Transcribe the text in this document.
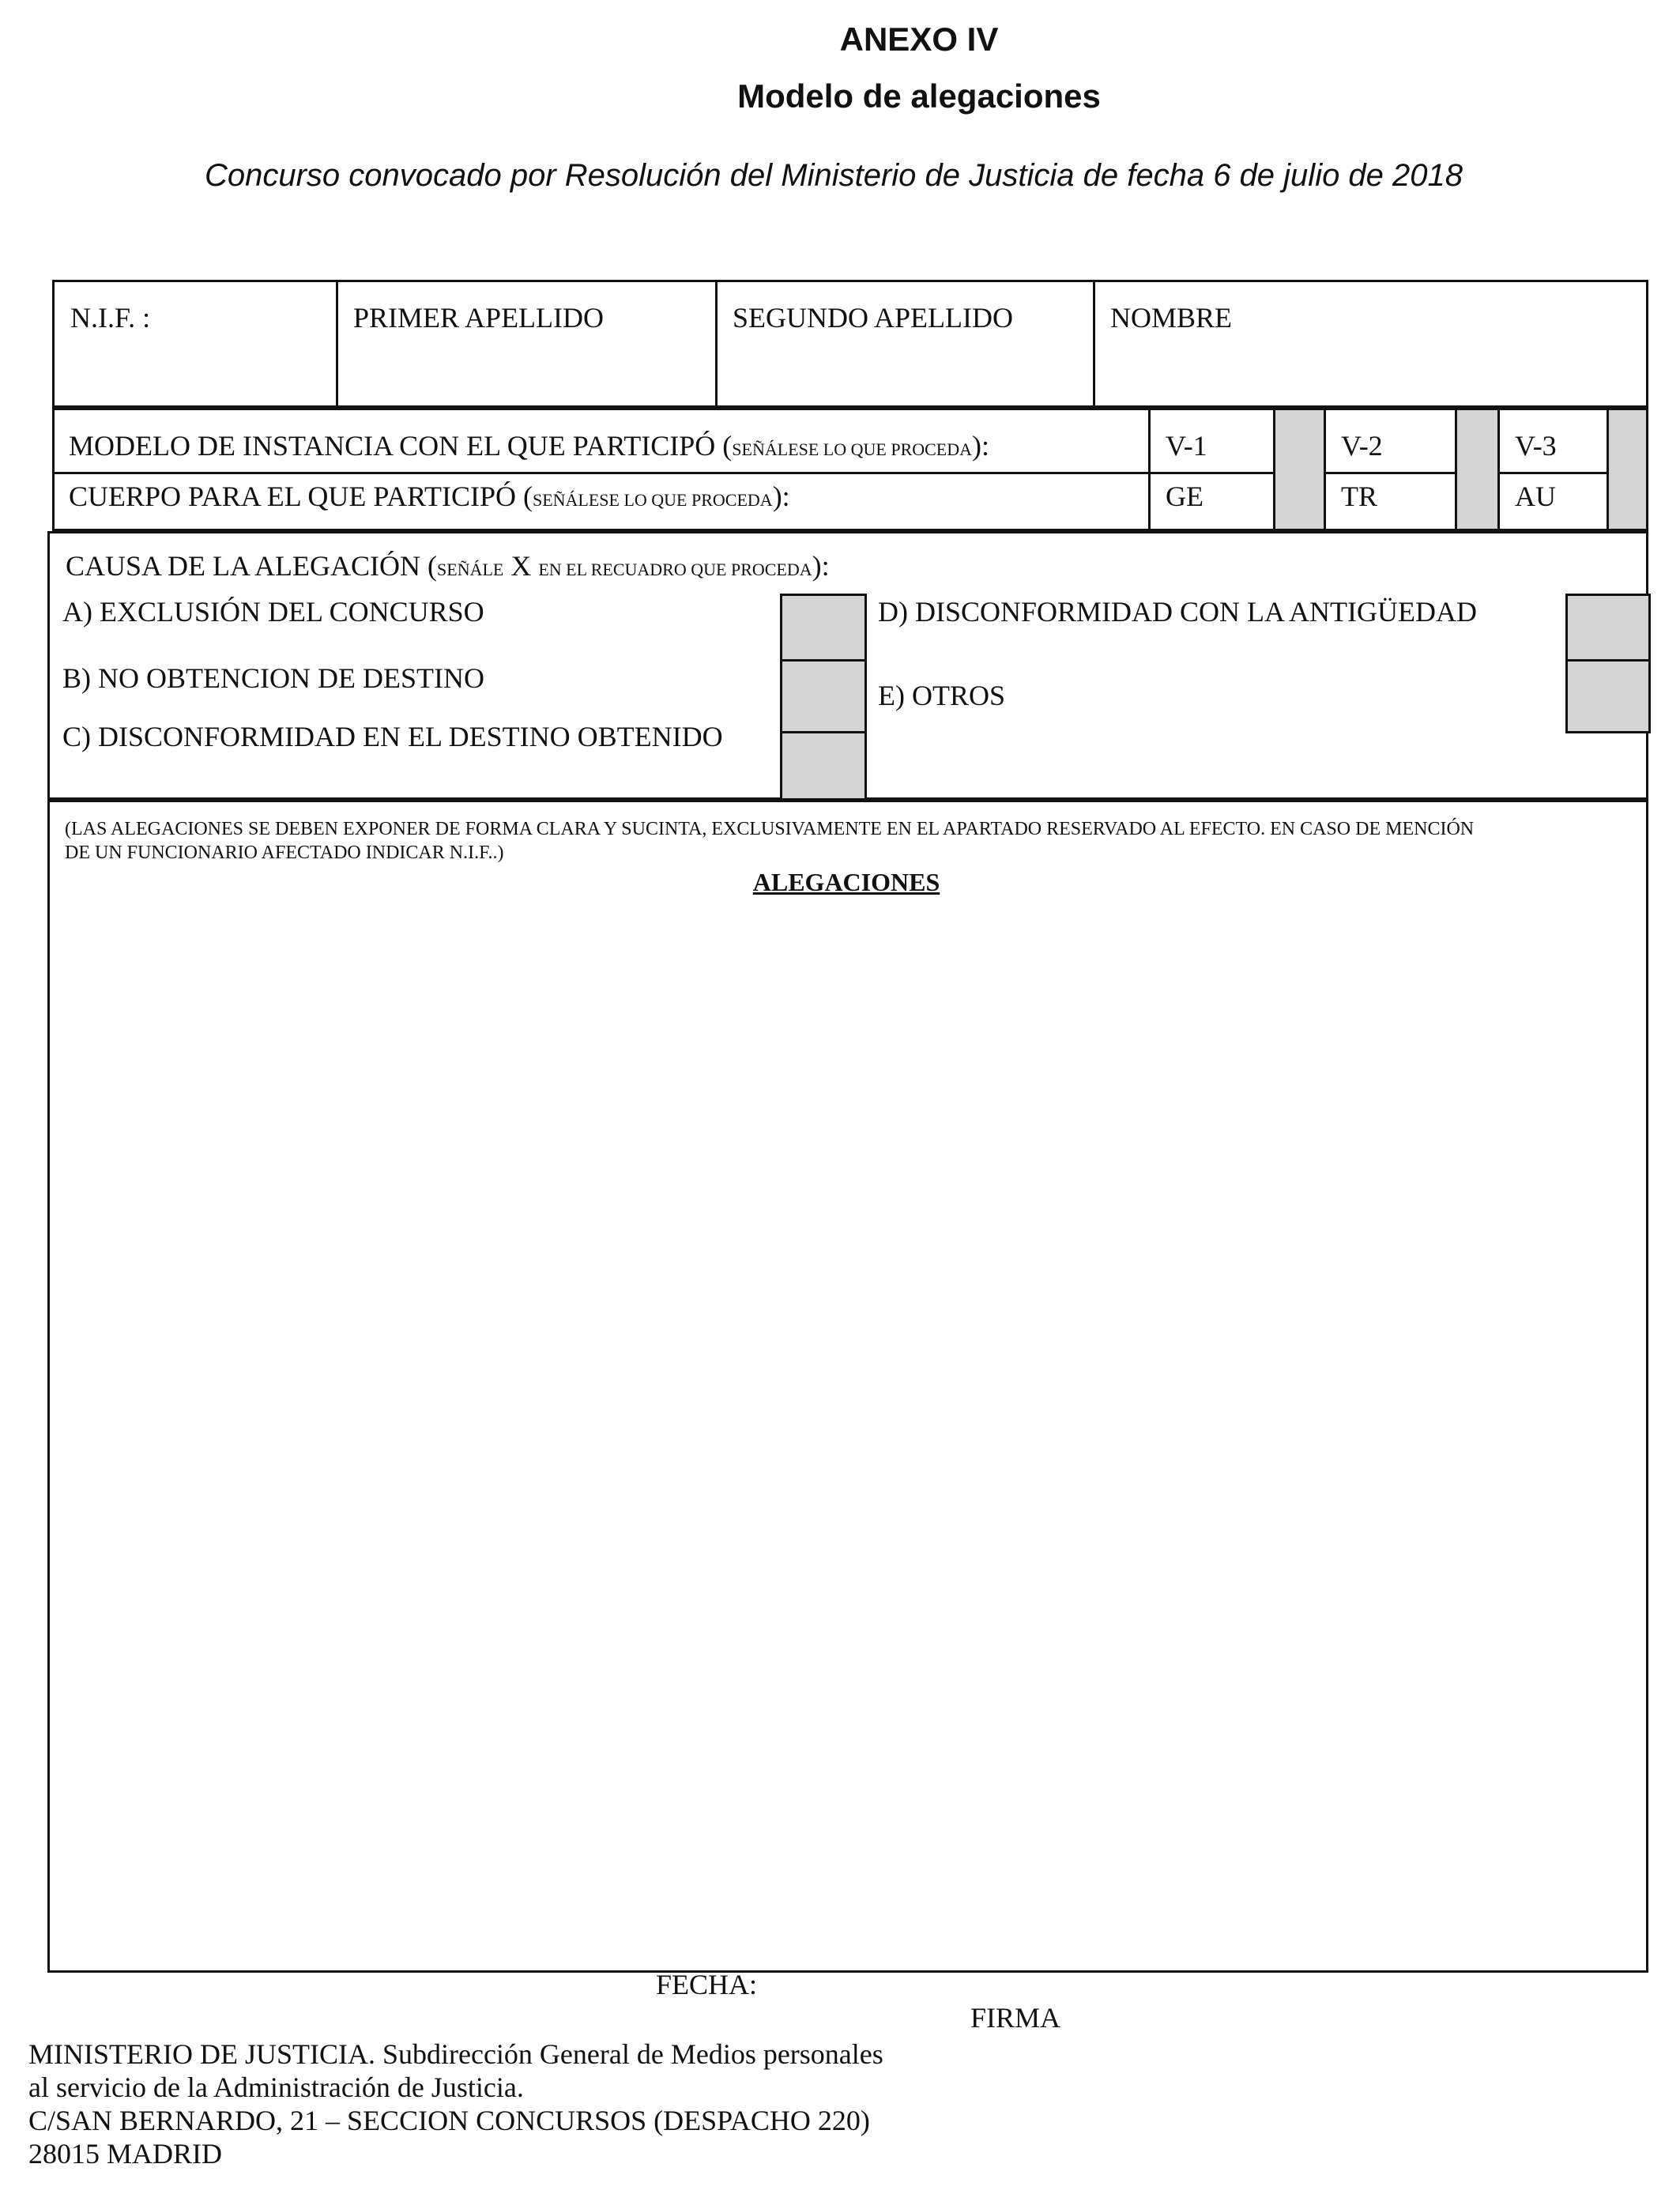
ANEXO IV
Modelo de alegaciones
Concurso convocado por Resolución del Ministerio de Justicia de fecha 6 de julio de 2018
N.I.F. :	PRIMER APELLIDO	SEGUNDO APELLIDO	NOMBRE
MODELO DE INSTANCIA CON EL QUE PARTICIPÓ (SEÑÁLESE LO QUE PROCEDA):	V-1	V-2	V-3
CUERPO PARA EL QUE PARTICIPÓ (SEÑÁLESE LO QUE PROCEDA):	GE	TR	AU
CAUSA DE LA ALEGACIÓN (SEÑÁLE X EN EL RECUADRO QUE PROCEDA):
A) EXCLUSIÓN DEL CONCURSO
B) NO OBTENCION DE DESTINO
C) DISCONFORMIDAD EN EL DESTINO OBTENIDO
D) DISCONFORMIDAD CON LA ANTIGÜEDAD
E) OTROS
(LAS ALEGACIONES SE DEBEN EXPONER DE FORMA CLARA Y SUCINTA, EXCLUSIVAMENTE EN EL APARTADO RESERVADO AL EFECTO. EN CASO DE MENCIÓN
DE UN FUNCIONARIO AFECTADO INDICAR N.I.F..)
ALEGACIONES
FECHA:
FIRMA
MINISTERIO DE JUSTICIA. Subdirección General de Medios personales
al servicio de la Administración de Justicia.
C/SAN BERNARDO, 21 – SECCION CONCURSOS (DESPACHO 220)
28015 MADRID
